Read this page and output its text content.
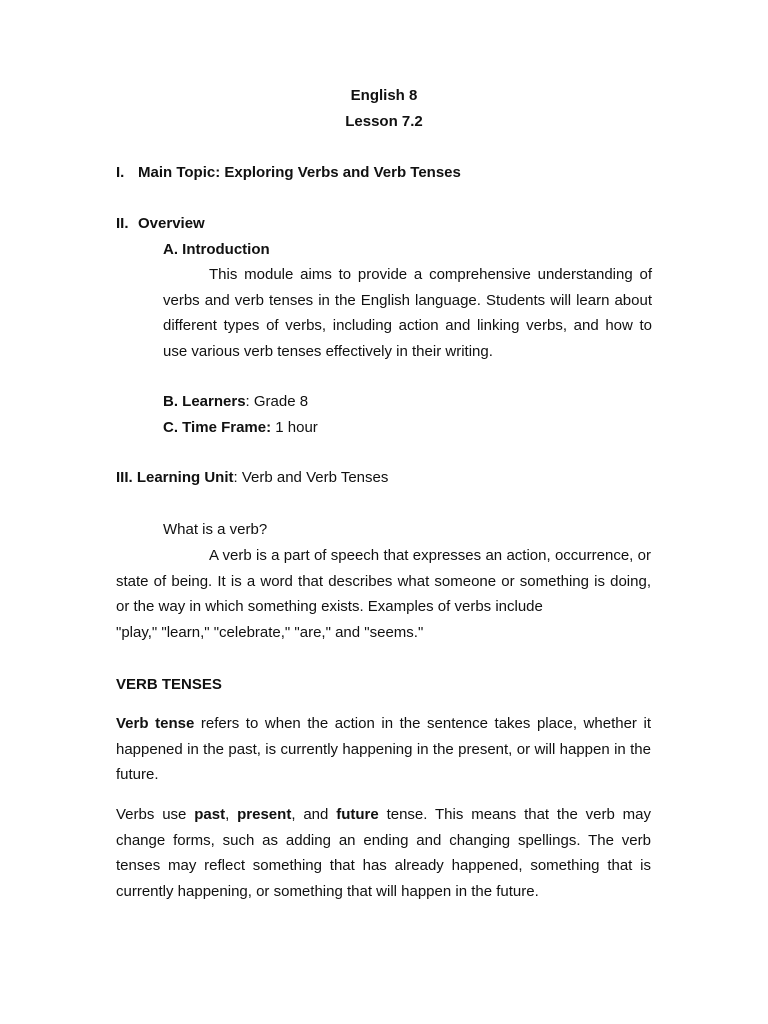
English 8
Lesson 7.2
I. Main Topic: Exploring Verbs and Verb Tenses
II. Overview
A. Introduction
This module aims to provide a comprehensive understanding of verbs and verb tenses in the English language. Students will learn about different types of verbs, including action and linking verbs, and how to use various verb tenses effectively in their writing.
B. Learners: Grade 8
C. Time Frame: 1 hour
III. Learning Unit: Verb and Verb Tenses
What is a verb?
A verb is a part of speech that expresses an action, occurrence, or state of being. It is a word that describes what someone or something is doing, or the way in which something exists. Examples of verbs include
"play," "learn," "celebrate," "are," and "seems."
VERB TENSES
Verb tense refers to when the action in the sentence takes place, whether it happened in the past, is currently happening in the present, or will happen in the future.
Verbs use past, present, and future tense. This means that the verb may change forms, such as adding an ending and changing spellings. The verb tenses may reflect something that has already happened, something that is currently happening, or something that will happen in the future.
